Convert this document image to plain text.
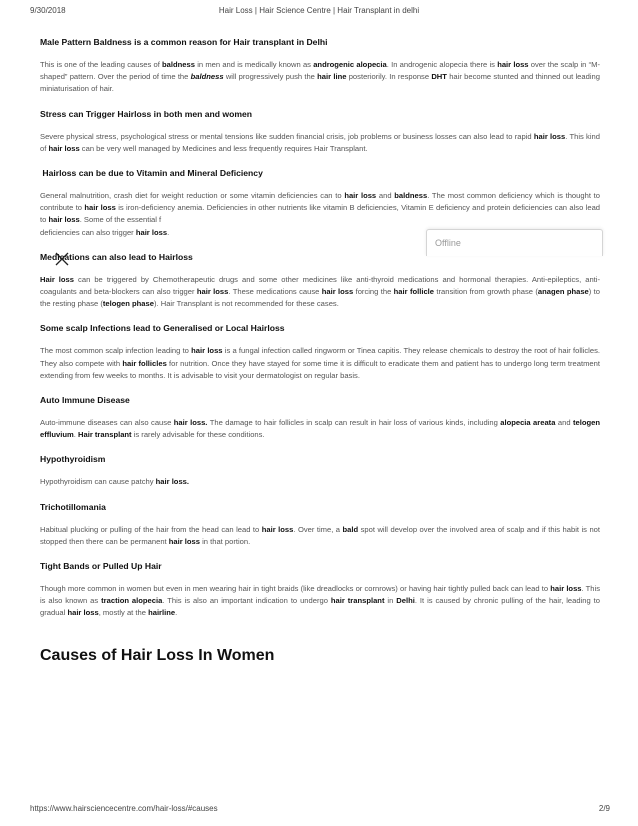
9/30/2018	Hair Loss | Hair Science Centre | Hair Transplant in delhi
Male Pattern Baldness is a common reason for Hair transplant in Delhi

This is one of the leading causes of baldness in men and is medically known as androgenic alopecia. In androgenic alopecia there is hair loss over the scalp in “M-shaped” pattern. Over the period of time the baldness will progressively push the hair line posteriorily. In response DHT hair become stunted and thinned out leading miniaturisation of hair.

Stress can Trigger Hairloss in both men and women

Severe physical stress, psychological stress or mental tensions like sudden financial crisis, job problems or business losses can also lead to rapid hair loss. This kind of hair loss can be very well managed by Medicines and less frequently requires Hair Transplant.

Hairloss can be due to Vitamin and Mineral Deficiency

General malnutrition, crash diet for weight reduction or some vitamin deficiencies can to hair loss and baldness. The most common deficiency which is thought to contribute to hair loss is iron-deficiency anemia. Deficiencies in other nutrients like vitamin B deficiencies, Vitamin E deficiency and protein deficiencies can also lead to hair loss. Some of the essential f
deficiencies can also trigger hair loss.

Medications can also lead to Hairloss

Hair loss can be triggered by Chemotherapeutic drugs and some other medicines like anti-thyroid medications and hormonal therapies. Anti-epileptics, anti-coagulants and beta-blockers can also trigger hair loss. These medications cause hair loss forcing the hair follicle transition from growth phase (anagen phase) to the resting phase (telogen phase). Hair Transplant is not recommended for these cases.

Some scalp Infections lead to Generalised or Local Hairloss

The most common scalp infection leading to hair loss is a fungal infection called ringworm or Tinea capitis. They release chemicals to destroy the root of hair follicles. They also compete with hair follicles for nutrition. Once they have stayed for some time it is difficult to eradicate them and patient has to undergo long term treatment extending from few weeks to months. It is advisable to visit your dermatologist on regular basis.

Auto Immune Disease

Auto-immune diseases can also cause hair loss. The damage to hair follicles in scalp can result in hair loss of various kinds, including alopecia areata and telogen effluvium. Hair transplant is rarely advisable for these conditions.

Hypothyroidism

Hypothyroidism can cause patchy hair loss.

Trichotillomania

Habitual plucking or pulling of the hair from the head can lead to hair loss. Over time, a bald spot will develop over the involved area of scalp and if this habit is not stopped then there can be permanent hair loss in that portion.

Tight Bands or Pulled Up Hair

Though more common in women but even in men wearing hair in tight braids (like dreadlocks or cornrows) or having hair tightly pulled back can lead to hair loss. This is also known as traction alopecia. This is also an important indication to undergo hair transplant in Delhi. It is caused by chronic pulling of the hair, leading to gradual hair loss, mostly at the hairline.

Causes of Hair Loss In Women
Offline
https://www.hairsciencecentre.com/hair-loss/#causes	2/9
